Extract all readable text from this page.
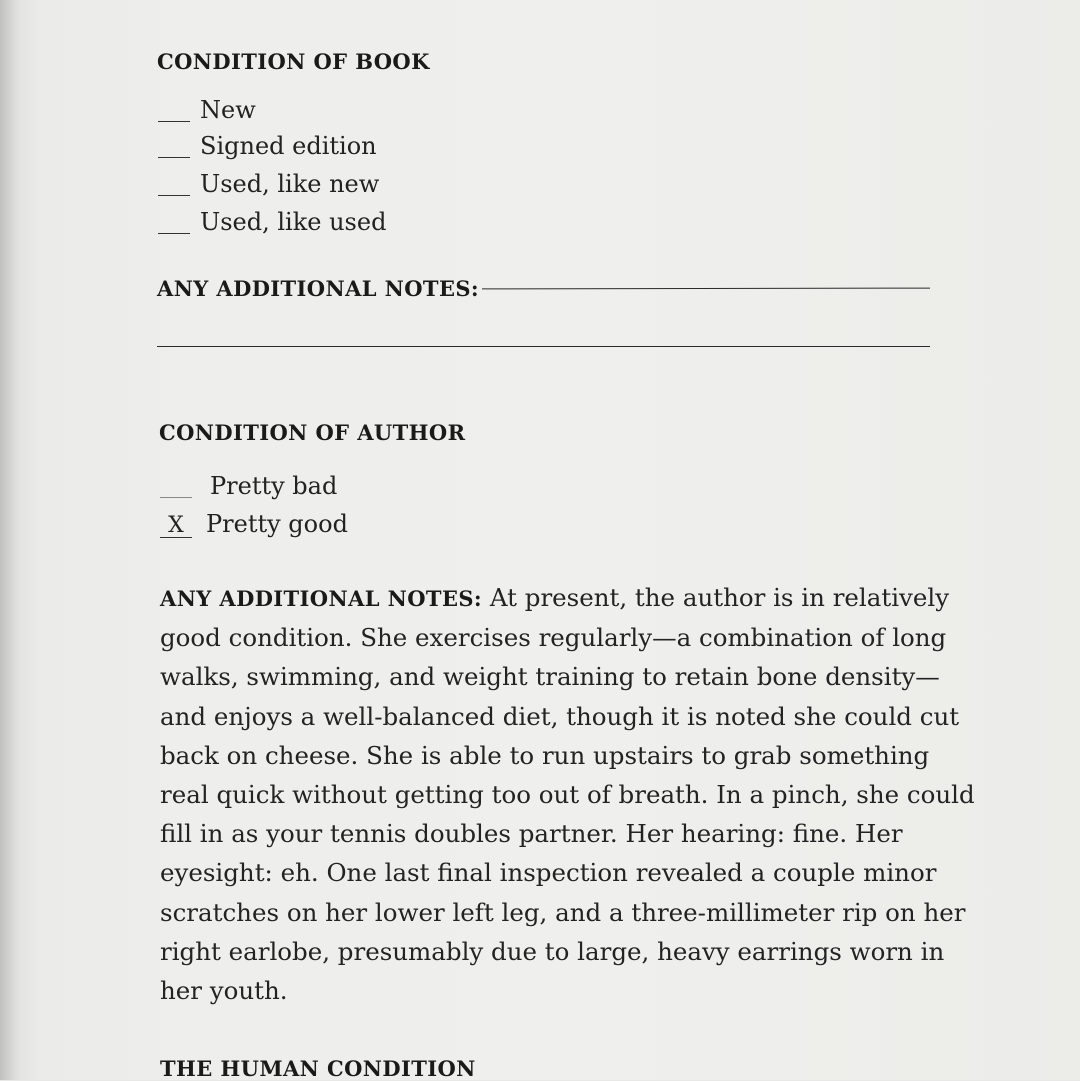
CONDITION OF BOOK
New
Signed edition
Used, like new
Used, like used
ANY ADDITIONAL NOTES:
CONDITION OF AUTHOR
Pretty bad
X Pretty good
ANY ADDITIONAL NOTES: At present, the author is in relatively
good condition. She exercises regularly—a combination of long
walks, swimming, and weight training to retain bone density—
and enjoys a well-balanced diet, though it is noted she could cut
back on cheese. She is able to run upstairs to grab something
real quick without getting too out of breath. In a pinch, she could
fill in as your tennis doubles partner. Her hearing: fine. Her
eyesight: eh. One last final inspection revealed a couple minor
scratches on her lower left leg, and a three-millimeter rip on her
right earlobe, presumably due to large, heavy earrings worn in
her youth.
THE HUMAN CONDITION
